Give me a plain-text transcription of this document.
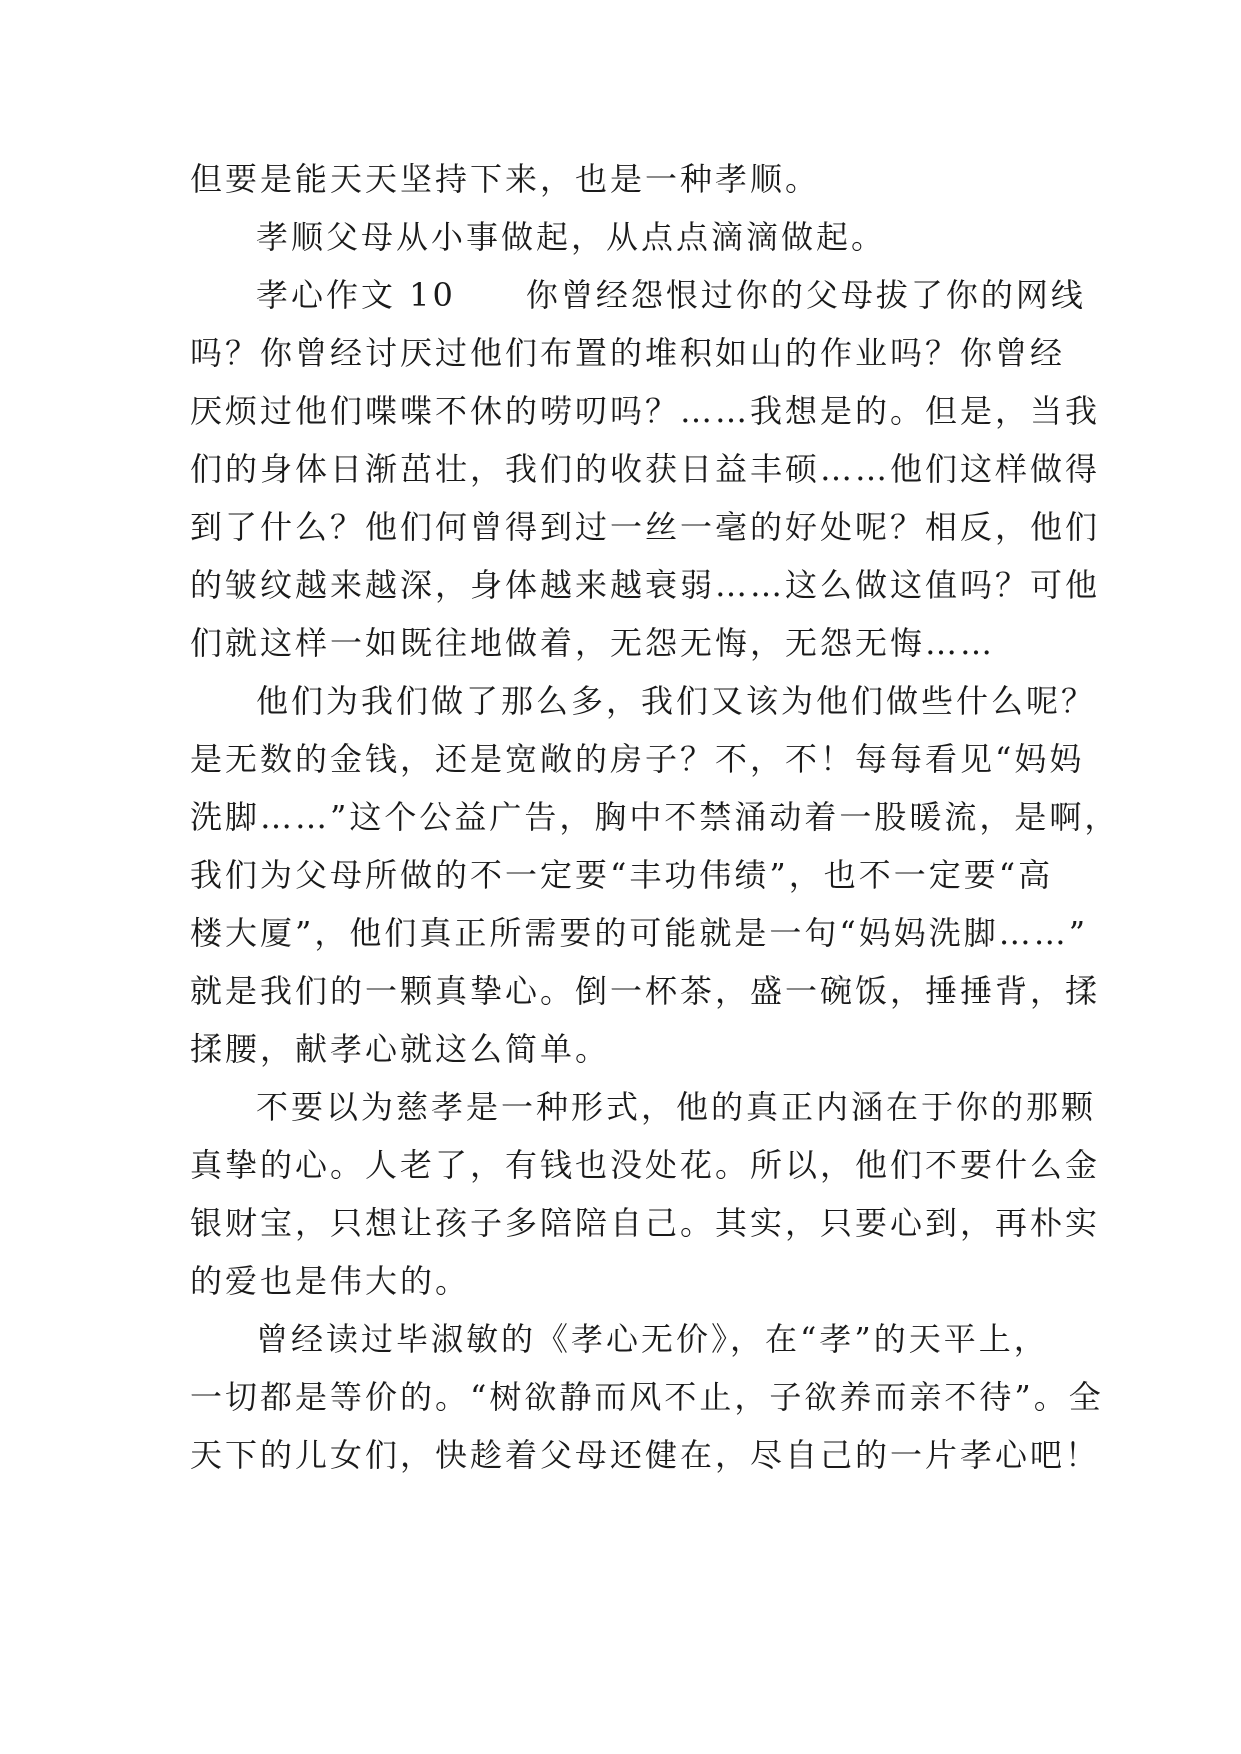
但要是能天天坚持下来，也是一种孝顺。
孝顺父母从小事做起，从点点滴滴做起。
孝心作文 10　　你曾经怨恨过你的父母拔了你的网线
吗？你曾经讨厌过他们布置的堆积如山的作业吗？你曾经
厌烦过他们喋喋不休的唠叨吗？……我想是的。但是，当我
们的身体日渐茁壮，我们的收获日益丰硕……他们这样做得
到了什么？他们何曾得到过一丝一毫的好处呢？相反，他们
的皱纹越来越深，身体越来越衰弱……这么做这值吗？可他
们就这样一如既往地做着，无怨无悔，无怨无悔……
他们为我们做了那么多，我们又该为他们做些什么呢？
是无数的金钱，还是宽敞的房子？不，不！每每看见“妈妈
洗脚……”这个公益广告，胸中不禁涌动着一股暖流，是啊，
我们为父母所做的不一定要“丰功伟绩”，也不一定要“高
楼大厦”，他们真正所需要的可能就是一句“妈妈洗脚……”
就是我们的一颗真挚心。倒一杯茶，盛一碗饭，捶捶背，揉
揉腰，献孝心就这么简单。
不要以为慈孝是一种形式，他的真正内涵在于你的那颗
真挚的心。人老了，有钱也没处花。所以，他们不要什么金
银财宝，只想让孩子多陪陪自己。其实，只要心到，再朴实
的爱也是伟大的。
曾经读过毕淑敏的《孝心无价》，在“孝”的天平上，
一切都是等价的。“树欲静而风不止，子欲养而亲不待”。全
天下的儿女们，快趁着父母还健在，尽自己的一片孝心吧！
